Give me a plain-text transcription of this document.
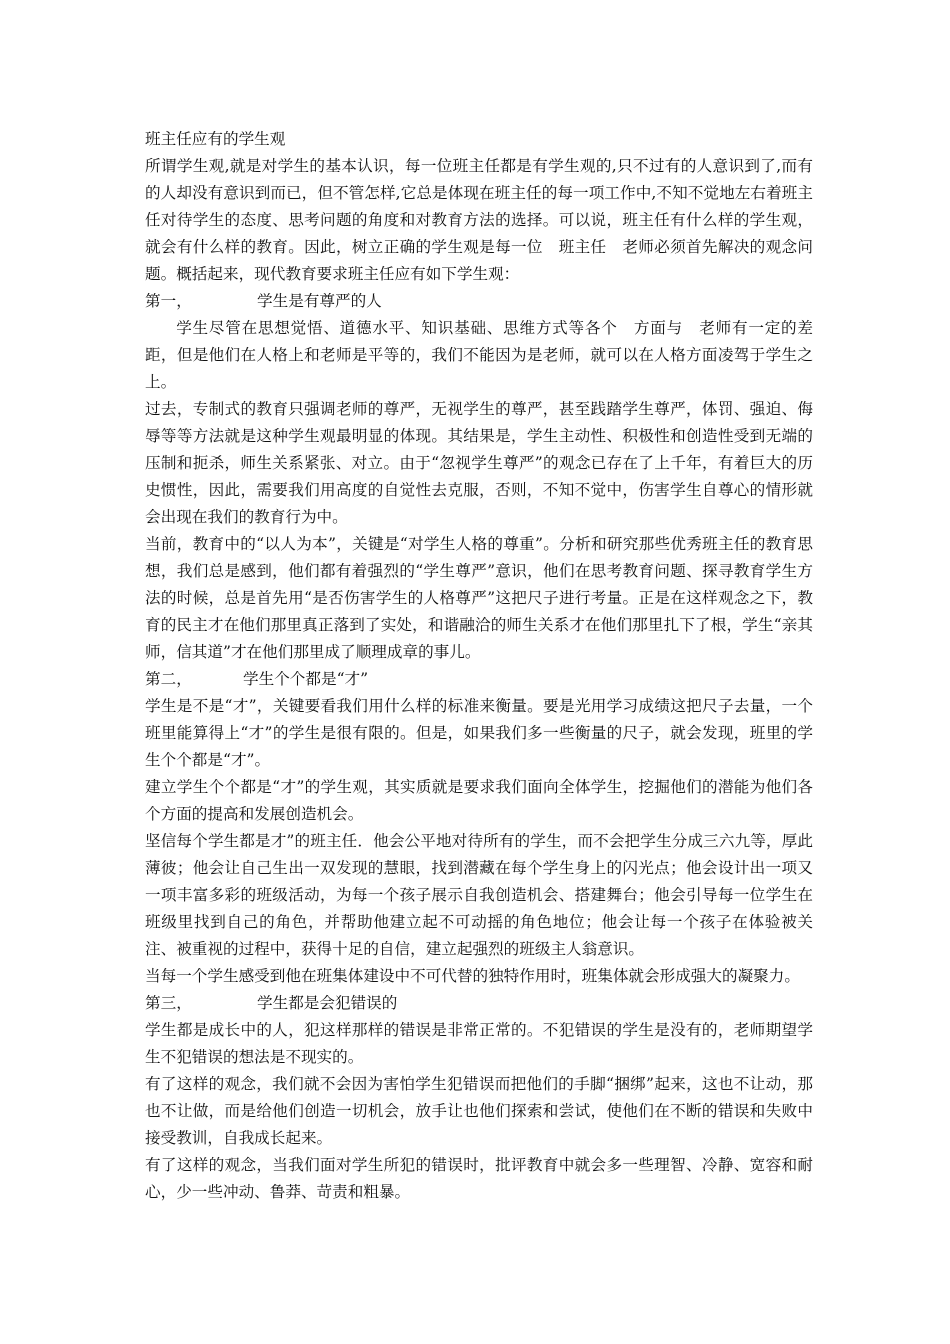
班主任应有的学生观

所谓学生观,就是对学生的基本认识，每一位班主任都是有学生观的,只不过有的人意识到了,而有的人却没有意识到而已，但不管怎样,它总是体现在班主任的每一项工作中,不知不觉地左右着班主任对待学生的态度、思考问题的角度和对教育方法的选择。可以说，班主任有什么样的学生观，就会有什么样的教育。因此，树立正确的学生观是每一位　班主任　老师必须首先解决的观念问题。概括起来，现代教育要求班主任应有如下学生观：

第一，	学生是有尊严的人

学生尽管在思想觉悟、道德水平、知识基础、思维方式等各个　方面与　老师有一定的差距，但是他们在人格上和老师是平等的，我们不能因为是老师，就可以在人格方面凌驾于学生之上。

过去，专制式的教育只强调老师的尊严，无视学生的尊严，甚至践踏学生尊严，体罚、强迫、侮辱等等方法就是这种学生观最明显的体现。其结果是，学生主动性、积极性和创造性受到无端的压制和扼杀，师生关系紧张、对立。由于“忽视学生尊严”的观念已存在了上千年，有着巨大的历史惯性，因此，需要我们用高度的自觉性去克服，否则，不知不觉中，伤害学生自尊心的情形就会出现在我们的教育行为中。

当前，教育中的“以人为本”，关键是“对学生人格的尊重”。分析和研究那些优秀班主任的教育思想，我们总是感到，他们都有着强烈的“学生尊严”意识，他们在思考教育问题、探寻教育学生方法的时候，总是首先用“是否伤害学生的人格尊严”这把尺子进行考量。正是在这样观念之下，教育的民主才在他们那里真正落到了实处，和谐融洽的师生关系才在他们那里扎下了根，学生“亲其师，信其道”才在他们那里成了顺理成章的事儿。

第二，	学生个个都是“才”

学生是不是“才”，关键要看我们用什么样的标准来衡量。要是光用学习成绩这把尺子去量，一个班里能算得上“才”的学生是很有限的。但是，如果我们多一些衡量的尺子，就会发现，班里的学生个个都是“才”。

建立学生个个都是“才”的学生观，其实质就是要求我们面向全体学生，挖掘他们的潜能为他们各个方面的提高和发展创造机会。

坚信每个学生都是才”的班主任．他会公平地对待所有的学生，而不会把学生分成三六九等，厚此薄彼；他会让自己生出一双发现的慧眼，找到潜藏在每个学生身上的闪光点；他会设计出一项又一项丰富多彩的班级活动，为每一个孩子展示自我创造机会、搭建舞台；他会引导每一位学生在班级里找到自己的角色，并帮助他建立起不可动摇的角色地位；他会让每一个孩子在体验被关注、被重视的过程中，获得十足的自信，建立起强烈的班级主人翁意识。

当每一个学生感受到他在班集体建设中不可代替的独特作用时，班集体就会形成强大的凝聚力。

第三，	学生都是会犯错误的

学生都是成长中的人，犯这样那样的错误是非常正常的。不犯错误的学生是没有的，老师期望学生不犯错误的想法是不现实的。

有了这样的观念，我们就不会因为害怕学生犯错误而把他们的手脚“捆绑”起来，这也不让动，那也不让做，而是给他们创造一切机会，放手让也他们探索和尝试，使他们在不断的错误和失败中接受教训，自我成长起来。

有了这样的观念，当我们面对学生所犯的错误时，批评教育中就会多一些理智、冷静、宽容和耐心，少一些冲动、鲁莽、苛责和粗暴。
